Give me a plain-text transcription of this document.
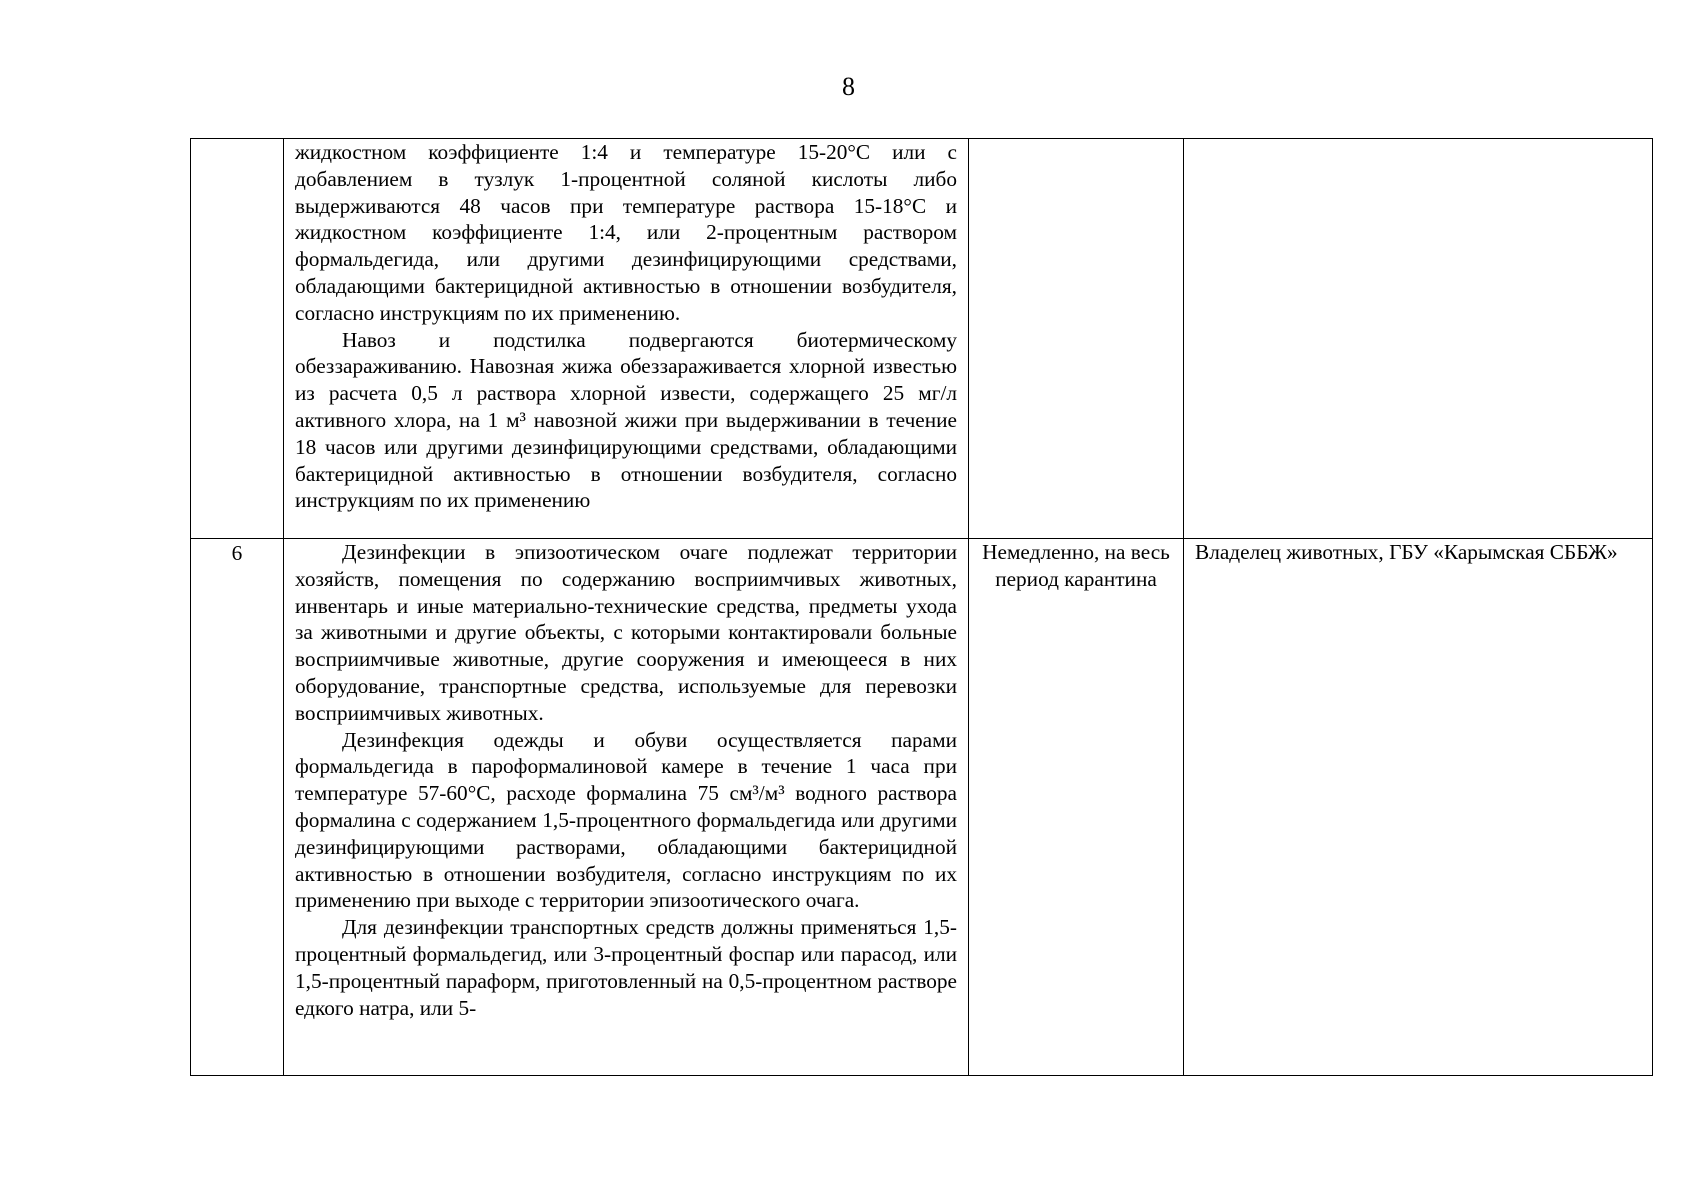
8

	жидкостном коэффициенте 1:4 и температуре 15-20°С или с добавлением в тузлук 1-процентной соляной кислоты либо выдерживаются 48 часов при температуре раствора 15-18°С и жидкостном коэффициенте 1:4, или 2-процентным раствором формальдегида, или другими дезинфицирующими средствами, обладающими бактерицидной активностью в отношении возбудителя, согласно инструкциям по их применению.

Навоз и подстилка подвергаются биотермическому обеззараживанию. Навозная жижа обеззараживается хлорной известью из расчета 0,5 л раствора хлорной извести, содержащего 25 мг/л активного хлора, на 1 м³ навозной жижи при выдерживании в течение 18 часов или другими дезинфицирующими средствами, обладающими бактерицидной активностью в отношении возбудителя, согласно инструкциям по их применению		

6	Дезинфекции в эпизоотическом очаге подлежат территории хозяйств, помещения по содержанию восприимчивых животных, инвентарь и иные материально-технические средства, предметы ухода за животными и другие объекты, с которыми контактировали больные восприимчивые животные, другие сооружения и имеющееся в них оборудование, транспортные средства, используемые для перевозки восприимчивых животных.

Дезинфекция одежды и обуви осуществляется парами формальдегида в пароформалиновой камере в течение 1 часа при температуре 57-60°С, расходе формалина 75 см³/м³ водного раствора формалина с содержанием 1,5-процентного формальдегида или другими дезинфицирующими растворами, обладающими бактерицидной активностью в отношении возбудителя, согласно инструкциям по их применению при выходе с территории эпизоотического очага.

Для дезинфекции транспортных средств должны применяться 1,5-процентный формальдегид, или 3-процентный фоспар или парасод, или 1,5-процентный параформ, приготовленный на 0,5-процентном растворе едкого натра, или 5-	Немедленно, на весь период карантина	Владелец животных, ГБУ «Карымская СББЖ»
